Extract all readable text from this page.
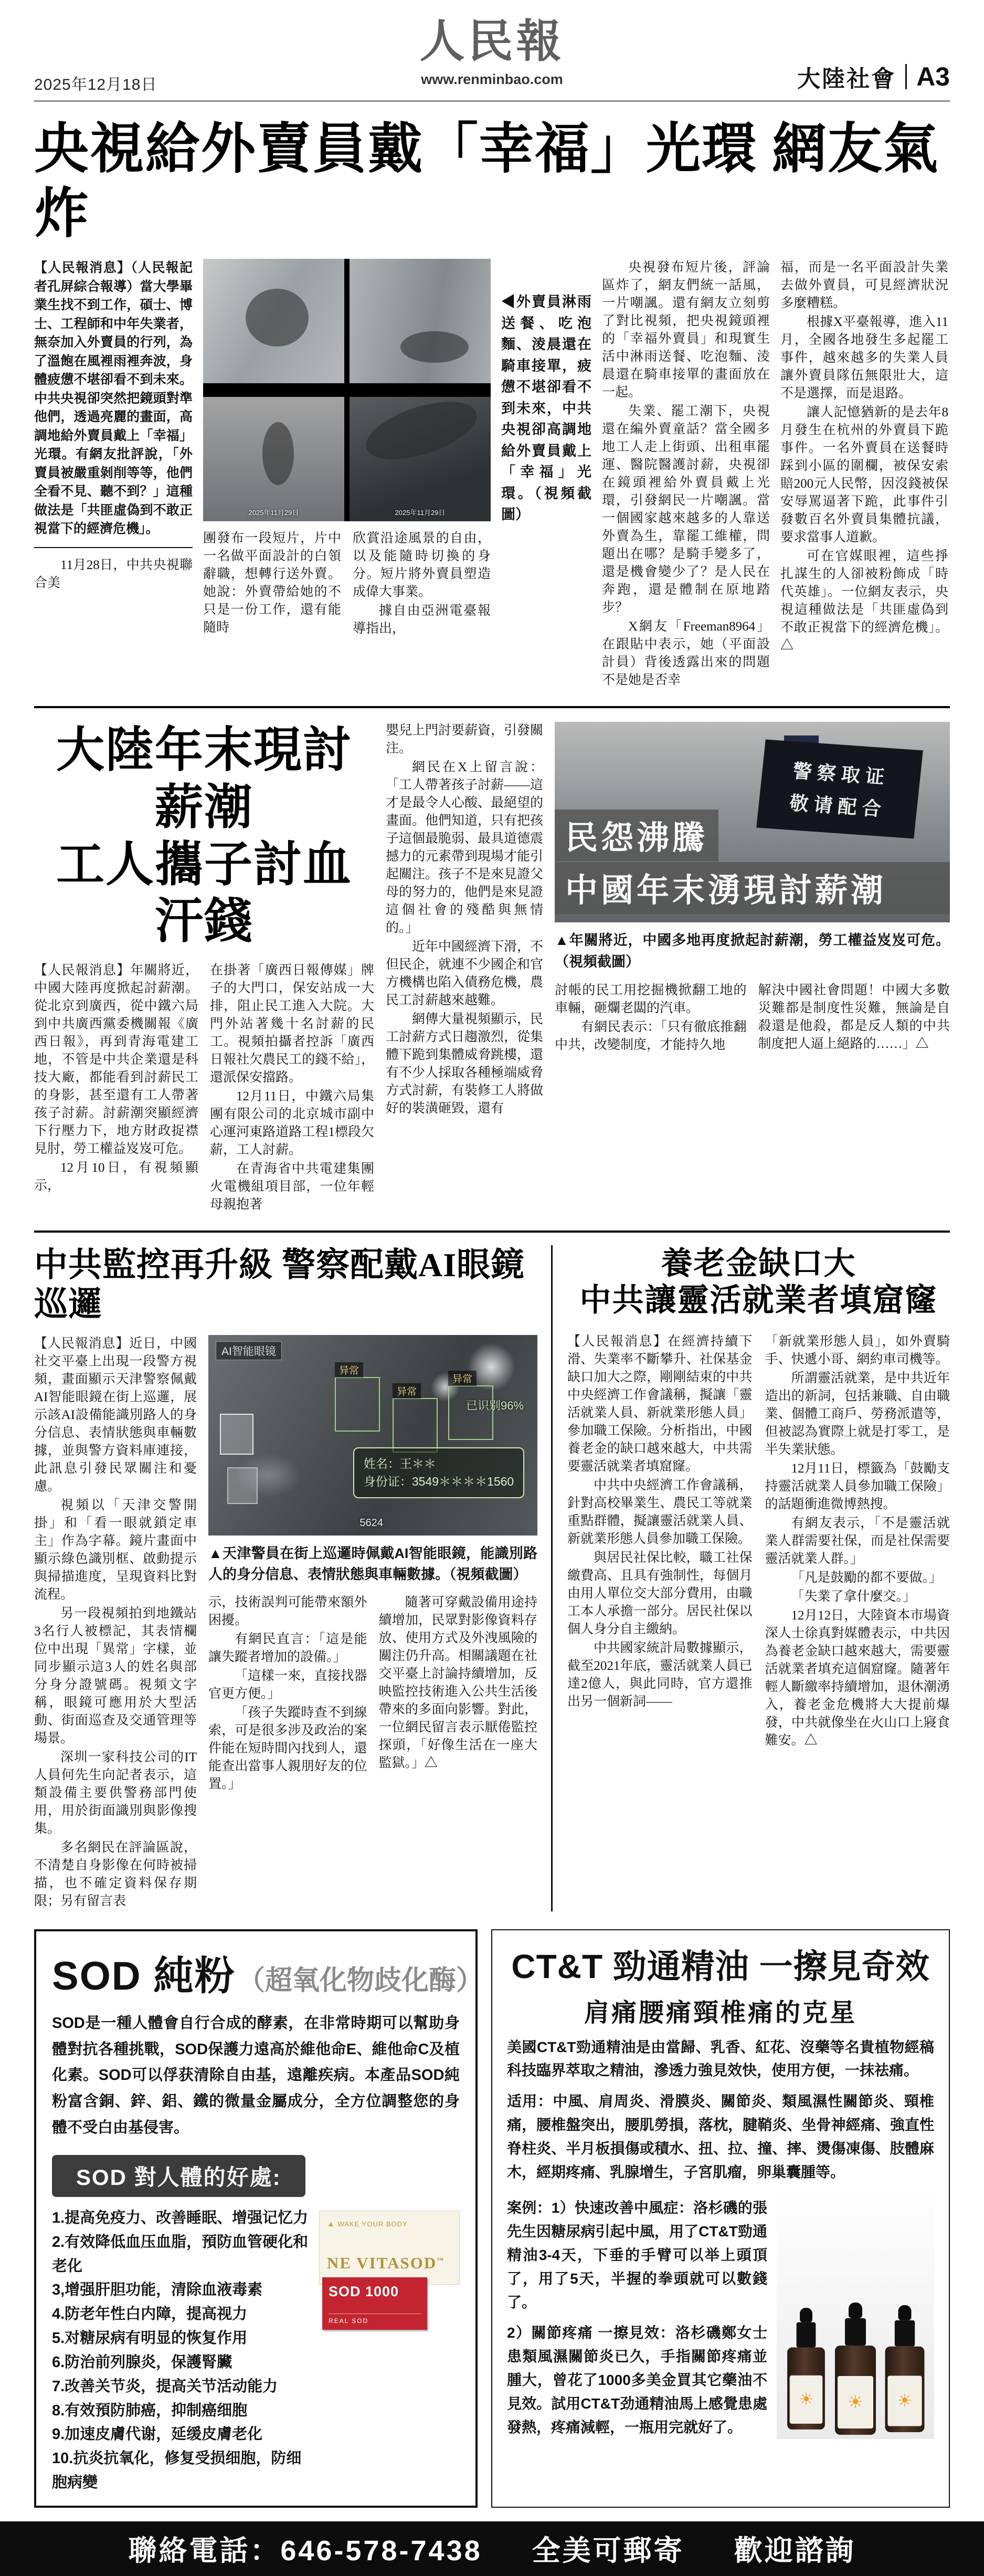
2025年12月18日
人民報
www.renminbao.com	大陸社會 A3
央視給外賣員戴「幸福」光環 網友氣炸

【人民報消息】（人民報記者孔屏綜合報導）當大學畢業生找不到工作，碩士、博士、工程師和中年失業者，無奈加入外賣員的行列，為了溫飽在風裡雨裡奔波，身體疲憊不堪卻看不到未來。中共央視卻突然把鏡頭對準他們，透過亮麗的畫面，高調地給外賣員戴上「幸福」光環。有網友批評說，「外賣員被嚴重剝削等等，他們全看不見、聽不到？」這種做法是「共匪虛偽到不敢正視當下的經濟危機」。

11月28日，中共央視聯合美

2025年11月29日	2025年11月29日

團發布一段短片，片中一名做平面設計的白領辭職，想轉行送外賣。她說：外賣帶給她的不只是一份工作，還有能隨時

欣賞沿途風景的自由，以及能隨時切換的身分。短片將外賣員塑造成偉大事業。

據自由亞洲電臺報導指出，

◀外賣員淋雨送餐、吃泡麵、淩晨還在騎車接單，疲憊不堪卻看不到未來，中共央視卻高調地給外賣員戴上「幸福」光環。（視頻截圖）

央視發布短片後，評論區炸了，網友們統一話風，一片嘲諷。還有網友立刻剪了對比視頻，把央視鏡頭裡的「幸福外賣員」和現實生活中淋雨送餐、吃泡麵、淩晨還在騎車接單的畫面放在一起。

失業、罷工潮下，央視還在編外賣童話？當全國多地工人走上街頭、出租車罷運、醫院醫護討薪，央視卻在鏡頭裡給外賣員戴上光環，引發網民一片嘲諷。當一個國家越來越多的人靠送外賣為生，靠罷工維權，問題出在哪？是騎手變多了，還是機會變少了？是人民在奔跑，還是體制在原地踏步？

X網友「Freeman8964」在跟貼中表示，她（平面設計員）背後透露出來的問題不是她是否幸

福，而是一名平面設計失業去做外賣員，可見經濟狀況多麼糟糕。

根據X平臺報導，進入11月，全國各地發生多起罷工事件，越來越多的失業人員讓外賣員隊伍無限壯大，這不是選擇，而是退路。

讓人記憶猶新的是去年8月發生在杭州的外賣員下跪事件。一名外賣員在送餐時踩到小區的圍欄，被保安索賠200元人民幣，因沒錢被保安辱罵逼著下跪，此事件引發數百名外賣員集體抗議，要求當事人道歉。

可在官媒眼裡，這些掙扎謀生的人卻被粉飾成「時代英雄」。一位網友表示，央視這種做法是「共匪虛偽到不敢正視當下的經濟危機」。△

大陸年末現討薪潮
工人攜子討血汗錢

【人民報消息】年關將近，中國大陸再度掀起討薪潮。從北京到廣西，從中鐵六局到中共廣西黨委機關報《廣西日報》，再到青海電建工地，不管是中共企業還是科技大廠，都能看到討薪民工的身影，甚至還有工人帶著孩子討薪。討薪潮突顯經濟下行壓力下，地方財政捉襟見肘，勞工權益岌岌可危。

12月10日，有視頻顯示，

在掛著「廣西日報傳媒」牌子的大門口，保安站成一大排，阻止民工進入大院。大門外站著幾十名討薪的民工。視頻拍攝者控訴「廣西日報社欠農民工的錢不給」，還派保安擋路。

12月11日，中鐵六局集團有限公司的北京城市副中心運河東路道路工程1標段欠薪，工人討薪。

在青海省中共電建集團火電機組項目部，一位年輕母親抱著

嬰兒上門討要薪資，引發關注。

網民在X上留言說：「工人帶著孩子討薪——這才是最令人心酸、最絕望的畫面。他們知道，只有把孩子這個最脆弱、最具道德震撼力的元素帶到現場才能引起關注。孩子不是來見證父母的努力的，他們是來見證這個社會的殘酷與無情的。」

近年中國經濟下滑，不但民企，就連不少國企和官方機構也陷入債務危機，農民工討薪越來越難。

網傳大量視頻顯示，民工討薪方式日趨激烈，從集體下跪到集體威脅跳樓，還有不少人採取各種極端威脅方式討薪，有裝修工人將做好的裝潢砸毀，還有

警察取证
敬请配合
民怨沸騰
中國年末湧現討薪潮
▲年關將近，中國多地再度掀起討薪潮，勞工權益岌岌可危。（視頻截圖）

討帳的民工用挖掘機掀翻工地的車輛，砸爛老闆的汽車。

有網民表示：「只有徹底推翻中共，改變制度，才能持久地

解決中國社會問題！中國大多數災難都是制度性災難，無論是自殺還是他殺，都是反人類的中共制度把人逼上絕路的……」△

中共監控再升級 警察配戴AI眼鏡巡邏

【人民報消息】近日，中國社交平臺上出現一段警方視頻，畫面顯示天津警察佩戴AI智能眼鏡在街上巡邏，展示該AI設備能識別路人的身分信息、表情狀態與車輛數據，並與警方資料庫連接，此訊息引發民眾關注和憂慮。

視頻以「天津交警開掛」和「看一眼就鎖定車主」作為字幕。鏡片畫面中顯示綠色識別框、啟動提示與掃描進度，呈現資料比對流程。

另一段視頻拍到地鐵站3名行人被標記，其表情欄位中出現「異常」字樣，並同步顯示這3人的姓名與部分身分證號碼。視頻文字稱，眼鏡可應用於大型活動、街面巡查及交通管理等場景。

深圳一家科技公司的IT人員何先生向記者表示，這類設備主要供警務部門使用，用於街面識別與影像搜集。

多名網民在評論區說，不清楚自身影像在何時被掃描，也不確定資料保存期限；另有留言表

AI智能眼镜
已识别96%
异常
异常
异常
姓名：王＊＊
身份证：3549＊＊＊＊1560
5624
▲天津警員在街上巡邏時佩戴AI智能眼鏡，能識別路人的身分信息、表情狀態與車輛數據。（視頻截圖）

示，技術誤判可能帶來額外困擾。

有網民直言：「這是能讓失蹤者增加的設備。」

「這樣一來，直接找器官更方便。」

「孩子失蹤時查不到線索，可是很多涉及政治的案件能在短時間內找到人，還能查出當事人親朋好友的位置。」

隨著可穿戴設備用途持續增加，民眾對影像資料存放、使用方式及外洩風險的關注仍升高。相關議題在社交平臺上討論持續增加，反映監控技術進入公共生活後帶來的多面向影響。對此，一位網民留言表示厭倦監控探頭，「好像生活在一座大監獄。」△

養老金缺口大
中共讓靈活就業者填窟窿

【人民報消息】在經濟持續下滑、失業率不斷攀升、社保基金缺口加大之際，剛剛結束的中共中央經濟工作會議稱，擬讓「靈活就業人員、新就業形態人員」參加職工保險。分析指出，中國養老金的缺口越來越大，中共需要靈活就業者填窟窿。

中共中央經濟工作會議稱，針對高校畢業生、農民工等就業重點群體，擬讓靈活就業人員、新就業形態人員參加職工保險。

與居民社保比較，職工社保繳費高、且具有強制性，每個月由用人單位交大部分費用，由職工本人承擔一部分。居民社保以個人身分自主繳納。

中共國家統計局數據顯示，截至2021年底，靈活就業人員已達2億人，與此同時，官方還推出另一個新詞——

「新就業形態人員」，如外賣騎手、快遞小哥、網約車司機等。

所謂靈活就業，是中共近年造出的新詞，包括兼職、自由職業、個體工商戶、勞務派遣等，但被認為實際上就是打零工，是半失業狀態。

12月11日，標籤為「鼓勵支持靈活就業人員參加職工保險」的話題衝進微博熱搜。

有網友表示，「不是靈活就業人群需要社保，而是社保需要靈活就業人群。」

「凡是鼓勵的都不要做。」

「失業了拿什麼交。」

12月12日，大陸資本市場資深人士徐真對媒體表示，中共因為養老金缺口越來越大，需要靈活就業者填充這個窟窿。隨著年輕人斷繳率持續增加，退休潮湧入，養老金危機將大大提前爆發，中共就像坐在火山口上寢食難安。△

SOD 純粉 （超氧化物歧化酶）
SOD是一種人體會自行合成的酵素，在非常時期可以幫助身體對抗各種挑戰，SOD保護力遠高於維他命E、維他命C及植化素。SOD可以俘获清除自由基，遠離疾病。本產品SOD純粉富含銅、鋅、鋁、鐵的微量金屬成分，全方位調整您的身體不受白由基侵害。
SOD 對人體的好處:

1.提高免疫力、改善睡眠、增强记忆力

2.有效降低血压血脂，預防血管硬化和老化

3,增强肝胆功能，清除血液毒素

4.防老年性白内障，提高视力

5.对糖尿病有明显的恢复作用

6.防治前列腺炎，保護腎臟

7.改善关节炎，提高关节活动能力

8.有效預防肺癌，抑制癌细胞

9.加速皮膚代谢，延缓皮膚老化

10.抗炎抗氧化，修复受损细胞，防细胞病變

▲ WAKE YOUR BODY
NE VITASOD™
SOD 1000
REAL SOD
CT&T 勁通精油 一擦見奇效
肩痛腰痛頸椎痛的克星
美國CT&T勁通精油是由當歸、乳香、紅花、沒藥等名貴植物經稿科技臨界萃取之精油，滲透力強見效快，使用方便，一抹祛痛。
适用：中風、肩周炎、滑膜炎、關節炎、類風濕性關節炎、頸椎痛，腰椎盤突出，腰肌勞損，落枕，腱鞘炎、坐骨神經痛、強直性脊柱炎、半月板損傷或積水、扭、拉、撞、摔、燙傷凍傷、肢體麻木，經期疼痛、乳腺增生，子宮肌瘤，卵巢囊腫等。
案例：1）快速改善中風症：洛杉磯的張先生因糖尿病引起中風，用了CT&T勁通精油3-4天，下垂的手臂可以举上頭頂了，用了5天，半握的拳頭就可以數錢了。
2）關節疼痛 一擦見效：洛杉磯鄭女士患類風濕關節炎已久，手指關節疼痛並腫大，曾花了1000多美金買其它藥油不見效。試用CT&T劲通精油馬上感覺患處發熱，疼痛減輕，一瓶用完就好了。
☀ ☀ ☀
聯絡電話：646-578-7438 全美可郵寄 歡迎諮詢
